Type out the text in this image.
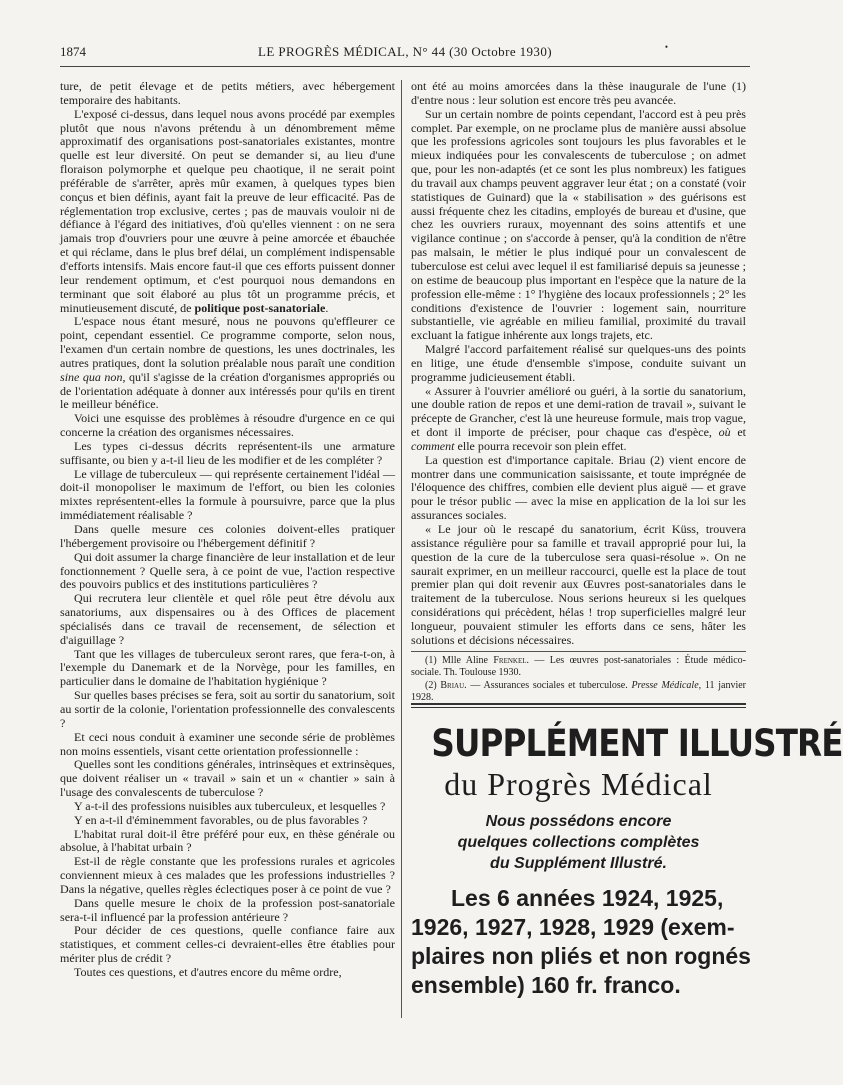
1874	LE PROGRÈS MÉDICAL, N° 44 (30 Octobre 1930)	•

ture, de petit élevage et de petits métiers, avec hébergement temporaire des habitants.

L'exposé ci-dessus, dans lequel nous avons procédé par exemples plutôt que nous n'avons prétendu à un dénombrement même approximatif des organisations post-sanatoriales existantes, montre quelle est leur diversité. On peut se demander si, au lieu d'une floraison polymorphe et quelque peu chaotique, il ne serait point préférable de s'arrêter, après mûr examen, à quelques types bien conçus et bien définis, ayant fait la preuve de leur efficacité. Pas de réglementation trop exclusive, certes ; pas de mauvais vouloir ni de défiance à l'égard des initiatives, d'où qu'elles viennent : on ne sera jamais trop d'ouvriers pour une œuvre à peine amorcée et ébauchée et qui réclame, dans le plus bref délai, un complément indispensable d'efforts intensifs. Mais encore faut-il que ces efforts puissent donner leur rendement optimum, et c'est pourquoi nous demandons en terminant que soit élaboré au plus tôt un programme précis, et minutieusement discuté, de politique post-sanatoriale.

L'espace nous étant mesuré, nous ne pouvons qu'effleurer ce point, cependant essentiel. Ce programme comporte, selon nous, l'examen d'un certain nombre de questions, les unes doctrinales, les autres pratiques, dont la solution préalable nous paraît une condition sine qua non, qu'il s'agisse de la création d'organismes appropriés ou de l'orientation adéquate à donner aux intéressés pour qu'ils en tirent le meilleur bénéfice.

Voici une esquisse des problèmes à résoudre d'urgence en ce qui concerne la création des organismes nécessaires.

Les types ci-dessus décrits représentent-ils une armature suffisante, ou bien y a-t-il lieu de les modifier et de les compléter ?

Le village de tuberculeux — qui représente certainement l'idéal — doit-il monopoliser le maximum de l'effort, ou bien les colonies mixtes représentent-elles la formule à poursuivre, parce que la plus immédiatement réalisable ?

Dans quelle mesure ces colonies doivent-elles pratiquer l'hébergement provisoire ou l'hébergement définitif ?

Qui doit assumer la charge financière de leur installation et de leur fonctionnement ? Quelle sera, à ce point de vue, l'action respective des pouvoirs publics et des institutions particulières ?

Qui recrutera leur clientèle et quel rôle peut être dévolu aux sanatoriums, aux dispensaires ou à des Offices de placement spécialisés dans ce travail de recensement, de sélection et d'aiguillage ?

Tant que les villages de tuberculeux seront rares, que fera-t-on, à l'exemple du Danemark et de la Norvège, pour les familles, en particulier dans le domaine de l'habitation hygiénique ?

Sur quelles bases précises se fera, soit au sortir du sanatorium, soit au sortir de la colonie, l'orientation professionnelle des convalescents ?

Et ceci nous conduit à examiner une seconde série de problèmes non moins essentiels, visant cette orientation professionnelle :

Quelles sont les conditions générales, intrinsèques et extrinsèques, que doivent réaliser un « travail » sain et un « chantier » sain à l'usage des convalescents de tuberculose ?

Y a-t-il des professions nuisibles aux tuberculeux, et lesquelles ?

Y en a-t-il d'éminemment favorables, ou de plus favorables ?

L'habitat rural doit-il être préféré pour eux, en thèse générale ou absolue, à l'habitat urbain ?

Est-il de règle constante que les professions rurales et agricoles conviennent mieux à ces malades que les professions industrielles ? Dans la négative, quelles règles éclectiques poser à ce point de vue ?

Dans quelle mesure le choix de la profession post-sanatoriale sera-t-il influencé par la profession antérieure ?

Pour décider de ces questions, quelle confiance faire aux statistiques, et comment celles-ci devraient-elles être établies pour mériter plus de crédit ?

Toutes ces questions, et d'autres encore du même ordre,

ont été au moins amorcées dans la thèse inaugurale de l'une (1) d'entre nous : leur solution est encore très peu avancée.

Sur un certain nombre de points cependant, l'accord est à peu près complet. Par exemple, on ne proclame plus de manière aussi absolue que les professions agricoles sont toujours les plus favorables et le mieux indiquées pour les convalescents de tuberculose ; on admet que, pour les non-adaptés (et ce sont les plus nombreux) les fatigues du travail aux champs peuvent aggraver leur état ; on a constaté (voir statistiques de Guinard) que la « stabilisation » des guérisons est aussi fréquente chez les citadins, employés de bureau et d'usine, que chez les ouvriers ruraux, moyennant des soins attentifs et une vigilance continue ; on s'accorde à penser, qu'à la condition de n'être pas malsain, le métier le plus indiqué pour un convalescent de tuberculose est celui avec lequel il est familiarisé depuis sa jeunesse ; on estime de beaucoup plus important en l'espèce que la nature de la profession elle-même : 1° l'hygiène des locaux professionnels ; 2° les conditions d'existence de l'ouvrier : logement sain, nourriture substantielle, vie agréable en milieu familial, proximité du travail excluant la fatigue inhérente aux longs trajets, etc.

Malgré l'accord parfaitement réalisé sur quelques-uns des points en litige, une étude d'ensemble s'impose, conduite suivant un programme judicieusement établi.

« Assurer à l'ouvrier amélioré ou guéri, à la sortie du sanatorium, une double ration de repos et une demi-ration de travail », suivant le précepte de Grancher, c'est là une heureuse formule, mais trop vague, et dont il importe de préciser, pour chaque cas d'espèce, où et comment elle pourra recevoir son plein effet.

La question est d'importance capitale. Briau (2) vient encore de montrer dans une communication saisissante, et toute imprégnée de l'éloquence des chiffres, combien elle devient plus aiguë — et grave pour le trésor public — avec la mise en application de la loi sur les assurances sociales.

« Le jour où le rescapé du sanatorium, écrit Küss, trouvera assistance régulière pour sa famille et travail approprié pour lui, la question de la cure de la tuberculose sera quasi-résolue ». On ne saurait exprimer, en un meilleur raccourci, quelle est la place de tout premier plan qui doit revenir aux Œuvres post-sanatoriales dans le traitement de la tuberculose. Nous serions heureux si les quelques considérations qui précèdent, hélas ! trop superficielles malgré leur longueur, pouvaient stimuler les efforts dans ce sens, hâter les solutions et décisions nécessaires.

(1) Mlle Aline Frenkel. — Les œuvres post-sanatoriales : Étude médico-sociale. Th. Toulouse 1930.

(2) Briau. — Assurances sociales et tuberculose. Presse Médicale, 11 janvier 1928.

SUPPLÉMENT ILLUSTRÉ
du Progrès Médical
Nous possédons encore
quelques collections complètes
du Supplément Illustré.
Les 6 années 1924, 1925,
1926, 1927, 1928, 1929 (exem-
plaires non pliés et non rognés
ensemble) 160 fr. franco.
